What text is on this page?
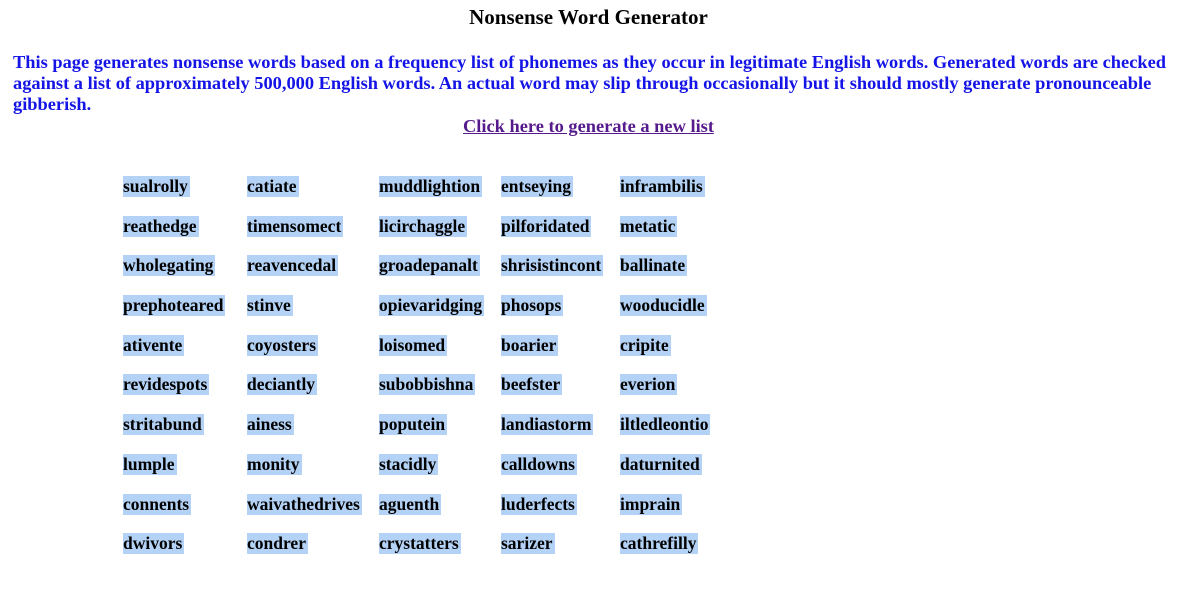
Nonsense Word Generator
This page generates nonsense words based on a frequency list of phonemes as they occur in legitimate English words. Generated words are checked against a list of approximately 500,000 English words. An actual word may slip through occasionally but it should mostly generate pronounceable gibberish.
Click here to generate a new list
sualrolly
reathedge
wholegating
prephoteared
ativente
revidespots
stritabund
lumple
connents
dwivors
catiate
timensomect
reavencedal
stinve
coyosters
deciantly
ainess
monity
waivathedrives
condrer
muddlightion
licirchaggle
groadepanalt
opievaridging
loisomed
subobbishna
poputein
stacidly
aguenth
crystatters
entseying
pilforidated
shrisistincont
phosops
boarier
beefster
landiastorm
calldowns
luderfects
sarizer
inframbilis
metatic
ballinate
wooducidle
cripite
everion
iltledleontio
daturnited
imprain
cathrefilly
